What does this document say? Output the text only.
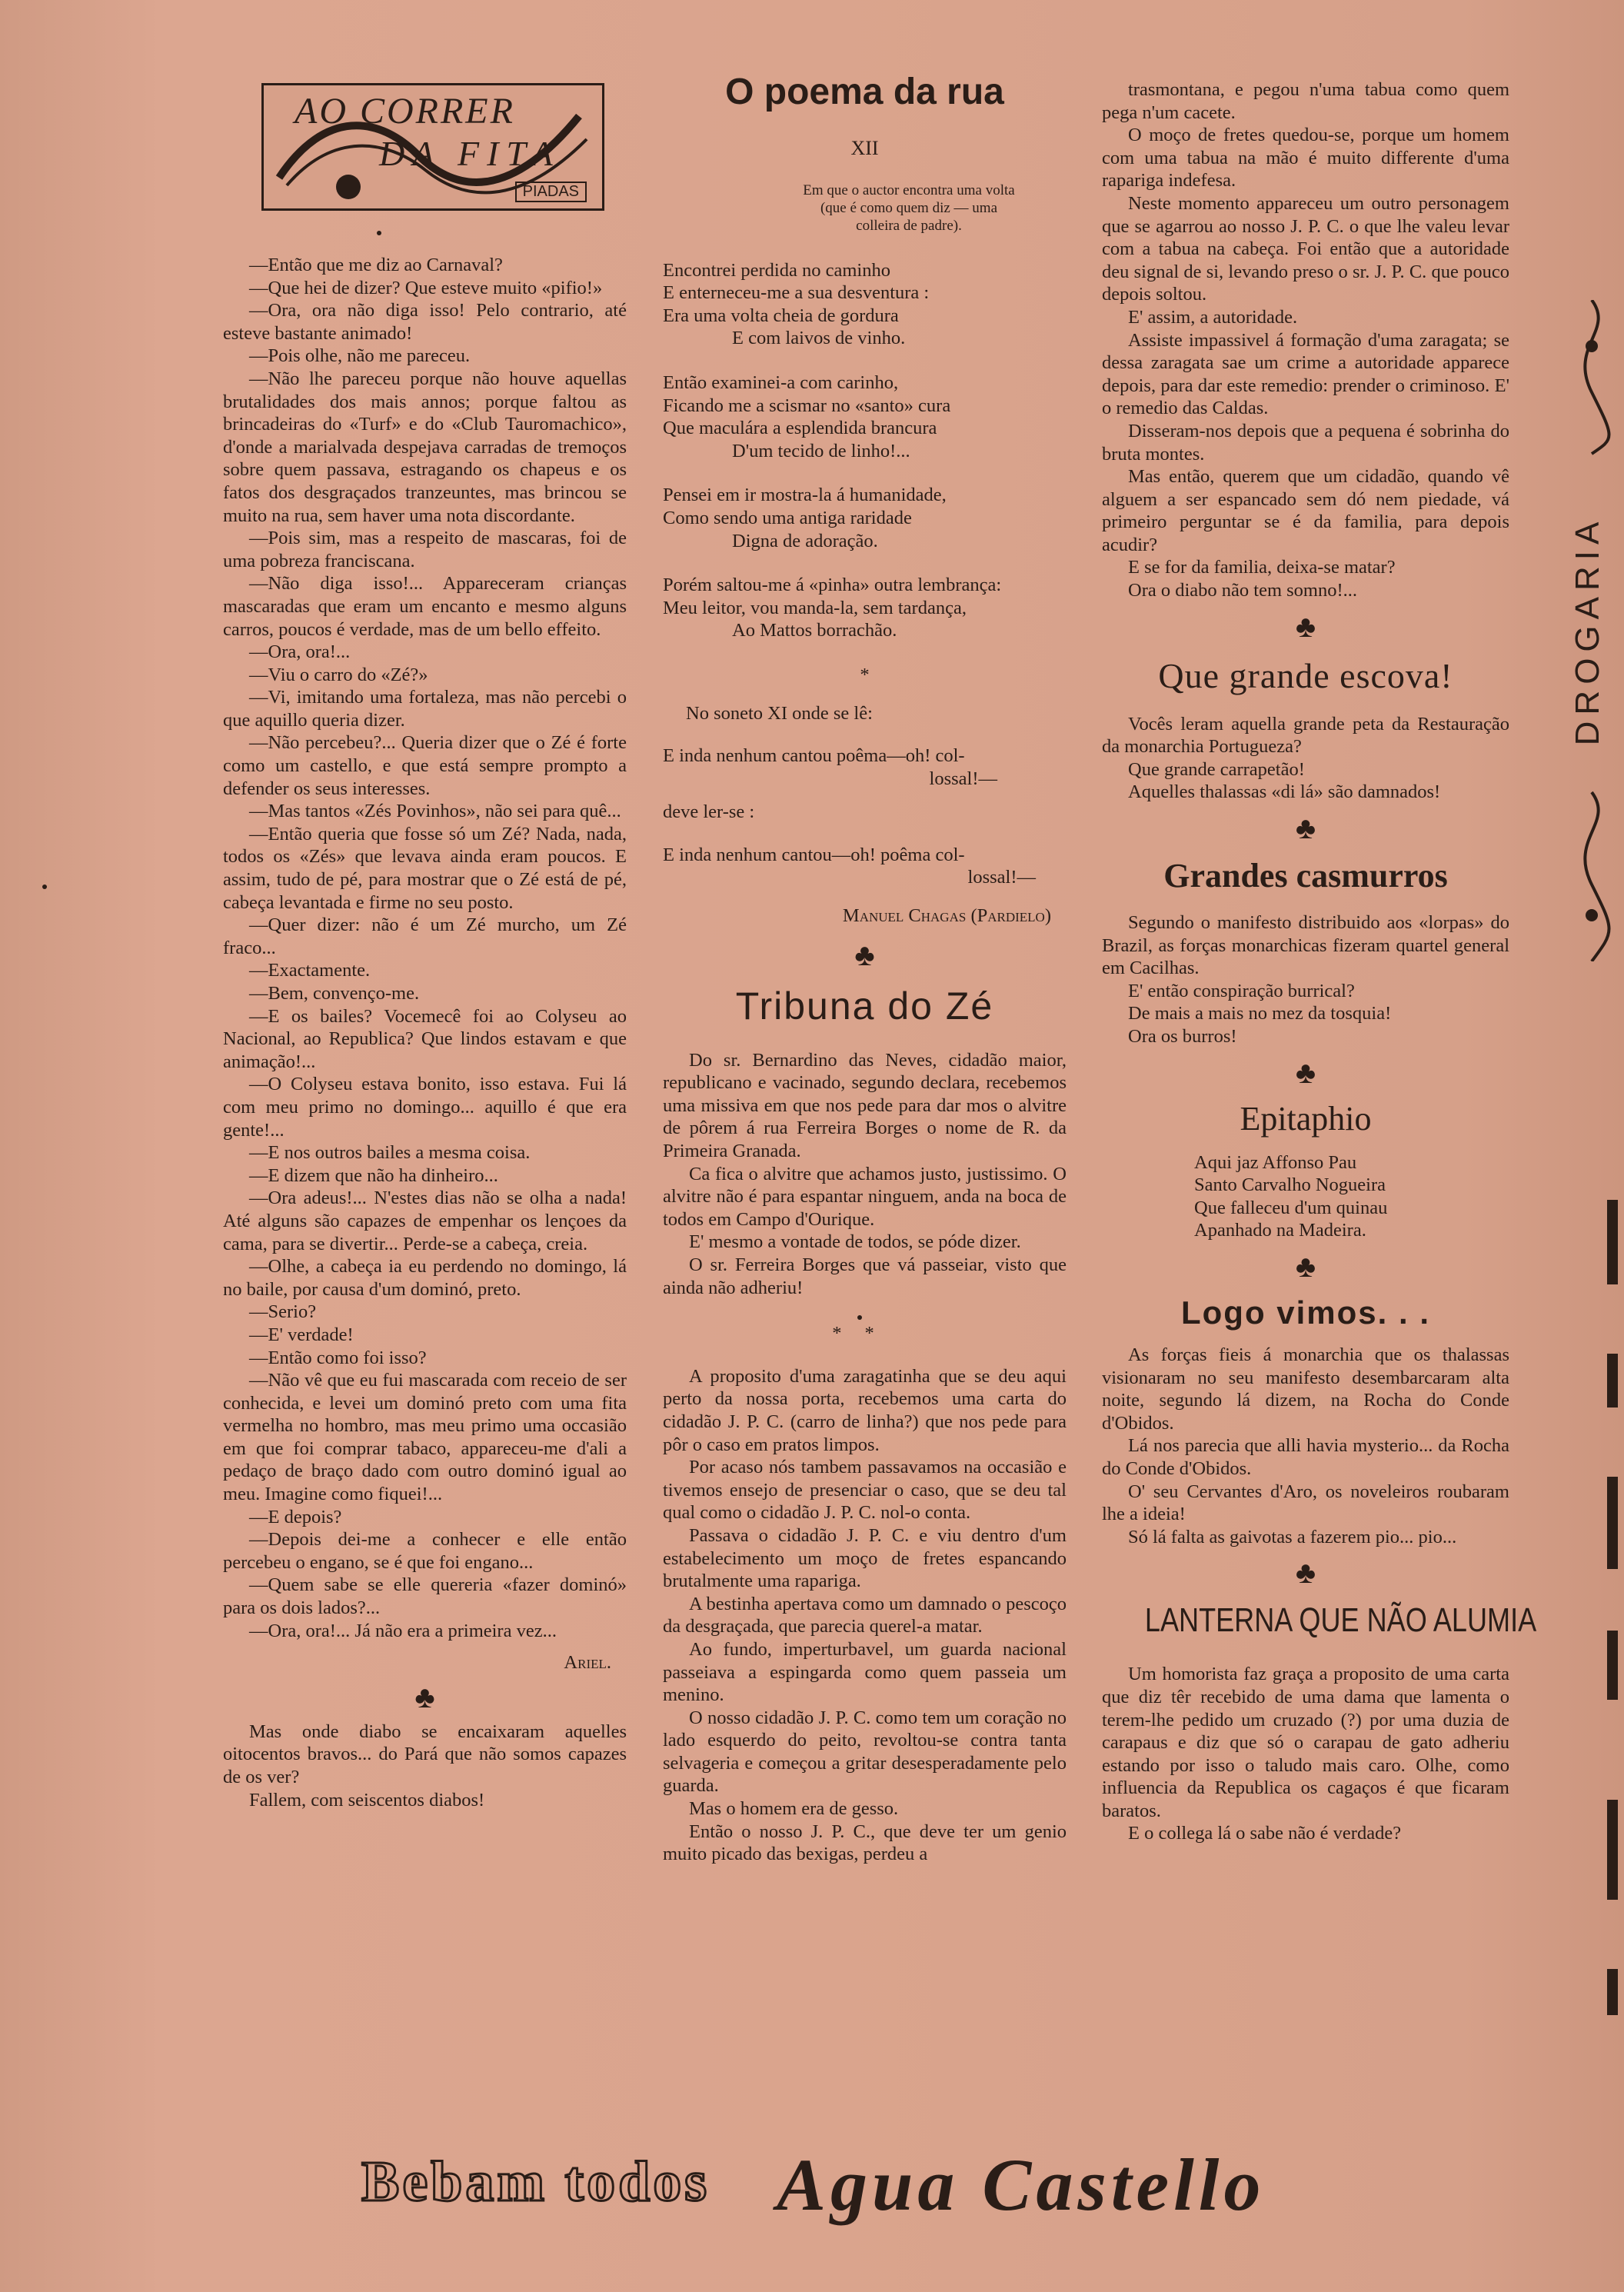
AO CORRER
DA FITA
PIADAS

—Então que me diz ao Carnaval?

—Que hei de dizer? Que esteve muito «pifio!»

—Ora, ora não diga isso! Pelo contrario, até esteve bastante animado!

—Pois olhe, não me pareceu.

—Não lhe pareceu porque não houve aquellas brutalidades dos mais annos; porque faltou as brincadeiras do «Turf» e do «Club Tauromachico», d'onde a marialvada despejava carradas de tremoços sobre quem passava, estragando os chapeus e os fatos dos desgraçados tranzeuntes, mas brincou se muito na rua, sem haver uma nota discordante.

—Pois sim, mas a respeito de mascaras, foi de uma pobreza franciscana.

—Não diga isso!... Appareceram crianças mascaradas que eram um encanto e mesmo alguns carros, poucos é verdade, mas de um bello effeito.

—Ora, ora!...

—Viu o carro do «Zé?»

—Vi, imitando uma fortaleza, mas não percebi o que aquillo queria dizer.

—Não percebeu?... Queria dizer que o Zé é forte como um castello, e que está sempre prompto a defender os seus interesses.

—Mas tantos «Zés Povinhos», não sei para quê...

—Então queria que fosse só um Zé? Nada, nada, todos os «Zés» que levava ainda eram poucos. E assim, tudo de pé, para mostrar que o Zé está de pé, cabeça levantada e firme no seu posto.

—Quer dizer: não é um Zé murcho, um Zé fraco...

—Exactamente.

—Bem, convenço-me.

—E os bailes? Vocemecê foi ao Colyseu ao Nacional, ao Republica? Que lindos estavam e que animação!...

—O Colyseu estava bonito, isso estava. Fui lá com meu primo no domingo... aquillo é que era gente!...

—E nos outros bailes a mesma coisa.

—E dizem que não ha dinheiro...

—Ora adeus!... N'estes dias não se olha a nada! Até alguns são capazes de empenhar os lençoes da cama, para se divertir... Perde-se a cabeça, creia.

—Olhe, a cabeça ia eu perdendo no domingo, lá no baile, por causa d'um dominó, preto.

—Serio?

—E' verdade!

—Então como foi isso?

—Não vê que eu fui mascarada com receio de ser conhecida, e levei um dominó preto com uma fita vermelha no hombro, mas meu primo uma occasião em que foi comprar tabaco, appareceu-me d'ali a pedaço de braço dado com outro dominó igual ao meu. Imagine como fiquei!...

—E depois?

—Depois dei-me a conhecer e elle então percebeu o engano, se é que foi engano...

—Quem sabe se elle quereria «fazer dominó» para os dois lados?...

—Ora, ora!... Já não era a primeira vez...

Ariel.

♣

Mas onde diabo se encaixaram aquelles oitocentos bravos... do Pará que não somos capazes de os ver?

Fallem, com seiscentos diabos!

O poema da rua

XII

Em que o auctor encontra uma volta (que é como quem diz — uma colleira de padre).

Encontrei perdida no caminho

E enterneceu-me a sua desventura :

Era uma volta cheia de gordura

E com laivos de vinho.

Então examinei-a com carinho,

Ficando me a scismar no «santo» cura

Que maculára a esplendida brancura

D'um tecido de linho!...

Pensei em ir mostra-la á humanidade,

Como sendo uma antiga raridade

Digna de adoração.

Porém saltou-me á «pinha» outra lembrança:

Meu leitor, vou manda-la, sem tardança,

Ao Mattos borrachão.

*

No soneto XI onde se lê:

E inda nenhum cantou poêma—oh! col-

lossal!—

deve ler-se :

E inda nenhum cantou—oh! poêma col-

lossal!—

Manuel Chagas (Pardielo)

♣
Tribuna do Zé

Do sr. Bernardino das Neves, cidadão maior, republicano e vacinado, segundo declara, recebemos uma missiva em que nos pede para dar mos o alvitre de pôrem á rua Ferreira Borges o nome de R. da Primeira Granada.

Ca fica o alvitre que achamos justo, justissimo. O alvitre não é para espantar ninguem, anda na boca de todos em Campo d'Ourique.

E' mesmo a vontade de todos, se póde dizer.

O sr. Ferreira Borges que vá passeiar, visto que ainda não adheriu!

**

A proposito d'uma zaragatinha que se deu aqui perto da nossa porta, recebemos uma carta do cidadão J. P. C. (carro de linha?) que nos pede para pôr o caso em pratos limpos.

Por acaso nós tambem passavamos na occasião e tivemos ensejo de presenciar o caso, que se deu tal qual como o cidadão J. P. C. nol-o conta.

Passava o cidadão J. P. C. e viu dentro d'um estabelecimento um moço de fretes espancando brutalmente uma rapariga.

A bestinha apertava como um damnado o pescoço da desgraçada, que parecia querel-a matar.

Ao fundo, imperturbavel, um guarda nacional passeiava a espingarda como quem passeia um menino.

O nosso cidadão J. P. C. como tem um coração no lado esquerdo do peito, revoltou-se contra tanta selvageria e começou a gritar desesperadamente pelo guarda.

Mas o homem era de gesso.

Então o nosso J. P. C., que deve ter um genio muito picado das bexigas, perdeu a

trasmontana, e pegou n'uma tabua como quem pega n'um cacete.

O moço de fretes quedou-se, porque um homem com uma tabua na mão é muito differente d'uma rapariga indefesa.

Neste momento appareceu um outro personagem que se agarrou ao nosso J. P. C. o que lhe valeu levar com a tabua na cabeça. Foi então que a autoridade deu signal de si, levando preso o sr. J. P. C. que pouco depois soltou.

E' assim, a autoridade.

Assiste impassivel á formação d'uma zaragata; se dessa zaragata sae um crime a autoridade apparece depois, para dar este remedio: prender o criminoso. E' o remedio das Caldas.

Disseram-nos depois que a pequena é sobrinha do bruta montes.

Mas então, querem que um cidadão, quando vê alguem a ser espancado sem dó nem piedade, vá primeiro perguntar se é da familia, para depois acudir?

E se for da familia, deixa-se matar?

Ora o diabo não tem somno!...

♣
Que grande escova!

Vocês leram aquella grande peta da Restauração da monarchia Portugueza?

Que grande carrapetão!

Aquelles thalassas «di lá» são damnados!

♣
Grandes casmurros

Segundo o manifesto distribuido aos «lorpas» do Brazil, as forças monarchicas fizeram quartel general em Cacilhas.

E' então conspiração burrical?

De mais a mais no mez da tosquia!

Ora os burros!

♣
Epitaphio

Aqui jaz Affonso Pau

Santo Carvalho Nogueira

Que falleceu d'um quinau

Apanhado na Madeira.

♣
Logo vimos. . .

As forças fieis á monarchia que os thalassas visionaram no seu manifesto desembarcaram alta noite, segundo lá dizem, na Rocha do Conde d'Obidos.

Lá nos parecia que alli havia mysterio... da Rocha do Conde d'Obidos.

O' seu Cervantes d'Aro, os noveleiros roubaram lhe a ideia!

Só lá falta as gaivotas a fazerem pio... pio...

♣
LANTERNA QUE NÃO ALUMIA

Um homorista faz graça a proposito de uma carta que diz têr recebido de uma dama que lamenta o terem-lhe pedido um cruzado (?) por uma duzia de carapaus e diz que só o carapau de gato adheriu estando por isso o taludo mais caro. Olhe, como influencia da Republica os cagaços é que ficaram baratos.

E o collega lá o sabe não é verdade?

DROGARIA
Bebam todos Agua Castello
